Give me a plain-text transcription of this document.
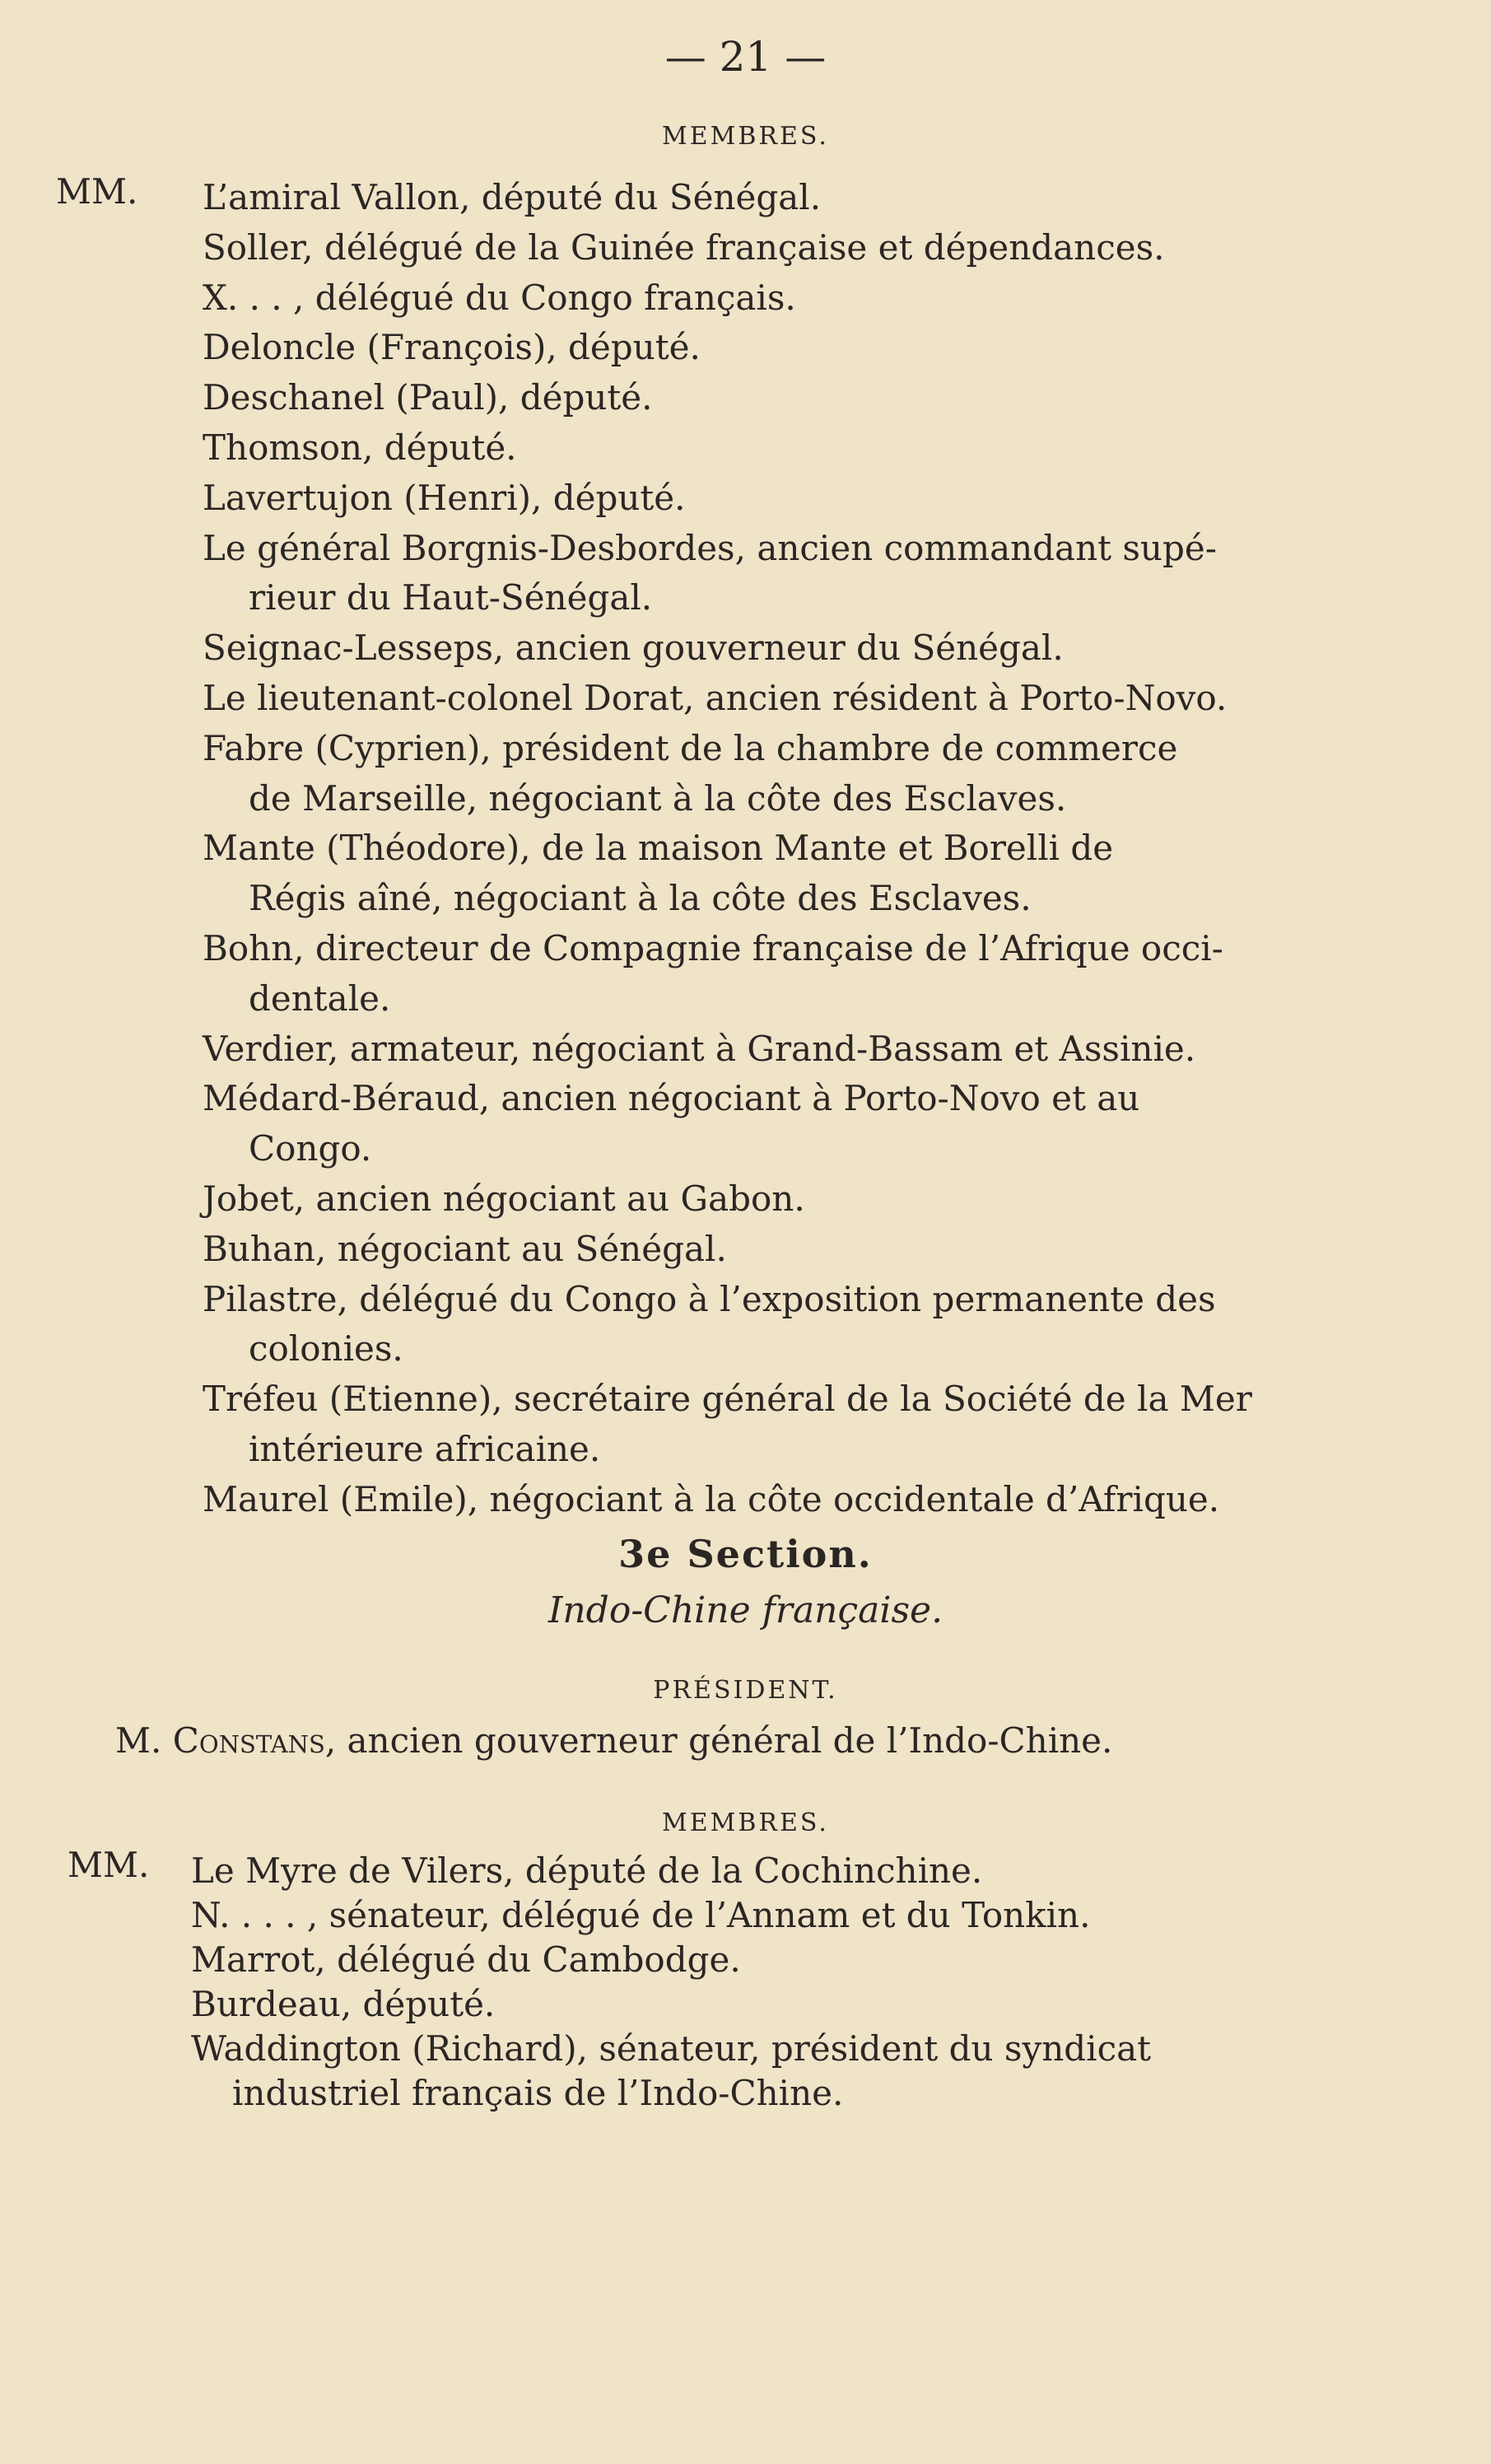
— 21 —
MEMBRES.
MM. L’amiral Vallon, député du Sénégal.
Soller, délégué de la Guinée française et dépendances.
X. . . , délégué du Congo français.
Deloncle (François), député.
Deschanel (Paul), député.
Thomson, député.
Lavertujon (Henri), député.
Le général Borgnis-Desbordes, ancien commandant supé-
rieur du Haut-Sénégal.
Seignac-Lesseps, ancien gouverneur du Sénégal.
Le lieutenant-colonel Dorat, ancien résident à Porto-Novo.
Fabre (Cyprien), président de la chambre de commerce
de Marseille, négociant à la côte des Esclaves.
Mante (Théodore), de la maison Mante et Borelli de
Régis aîné, négociant à la côte des Esclaves.
Bohn, directeur de Compagnie française de l’Afrique occi-
dentale.
Verdier, armateur, négociant à Grand-Bassam et Assinie.
Médard-Béraud, ancien négociant à Porto-Novo et au
Congo.
Jobet, ancien négociant au Gabon.
Buhan, négociant au Sénégal.
Pilastre, délégué du Congo à l’exposition permanente des
colonies.
Tréfeu (Etienne), secrétaire général de la Société de la Mer
intérieure africaine.
Maurel (Emile), négociant à la côte occidentale d’Afrique.
3e Section.
Indo-Chine française.
PRÉSIDENT.
M. Constans, ancien gouverneur général de l’Indo-Chine.
MEMBRES.
MM. Le Myre de Vilers, député de la Cochinchine.
N. . . . , sénateur, délégué de l’Annam et du Tonkin.
Marrot, délégué du Cambodge.
Burdeau, député.
Waddington (Richard), sénateur, président du syndicat
industriel français de l’Indo-Chine.
